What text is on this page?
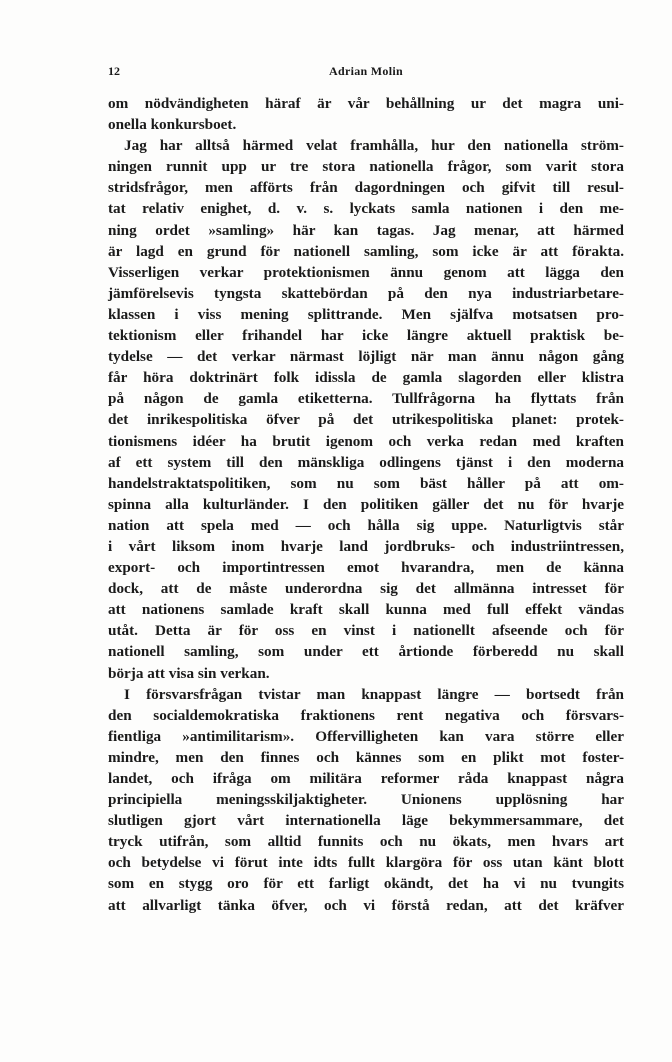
12	Adrian Molin
om nödvändigheten häraf är vår behållning ur det magra uni-
onella konkursboet.
Jag har alltså härmed velat framhålla, hur den nationella ström-
ningen runnit upp ur tre stora nationella frågor, som varit stora
stridsfrågor, men afförts från dagordningen och gifvit till resul-
tat relativ enighet, d. v. s. lyckats samla nationen i den me-
ning ordet »samling» här kan tagas. Jag menar, att härmed
är lagd en grund för nationell samling, som icke är att förakta.
Visserligen verkar protektionismen ännu genom att lägga den
jämförelsevis tyngsta skattebördan på den nya industriarbetare-
klassen i viss mening splittrande. Men själfva motsatsen pro-
tektionism eller frihandel har icke längre aktuell praktisk be-
tydelse — det verkar närmast löjligt när man ännu någon gång
får höra doktrinärt folk idissla de gamla slagorden eller klistra
på någon de gamla etiketterna. Tullfrågorna ha flyttats från
det inrikespolitiska öfver på det utrikespolitiska planet: protek-
tionismens idéer ha brutit igenom och verka redan med kraften
af ett system till den mänskliga odlingens tjänst i den moderna
handelstraktatspolitiken, som nu som bäst håller på att om-
spinna alla kulturländer. I den politiken gäller det nu för hvarje
nation att spela med — och hålla sig uppe. Naturligtvis står
i vårt liksom inom hvarje land jordbruks- och industriintressen,
export- och importintressen emot hvarandra, men de känna
dock, att de måste underordna sig det allmänna intresset för
att nationens samlade kraft skall kunna med full effekt vändas
utåt. Detta är för oss en vinst i nationellt afseende och för
nationell samling, som under ett årtionde förberedd nu skall
börja att visa sin verkan.
I försvarsfrågan tvistar man knappast längre — bortsedt från
den socialdemokratiska fraktionens rent negativa och försvars-
fientliga »antimilitarism». Offervilligheten kan vara större eller
mindre, men den finnes och kännes som en plikt mot foster-
landet, och ifråga om militära reformer råda knappast några
principiella meningsskiljaktigheter. Unionens upplösning har
slutligen gjort vårt internationella läge bekymmersammare, det
tryck utifrån, som alltid funnits och nu ökats, men hvars art
och betydelse vi förut inte idts fullt klargöra för oss utan känt blott
som en stygg oro för ett farligt okändt, det ha vi nu tvungits
att allvarligt tänka öfver, och vi förstå redan, att det kräfver
